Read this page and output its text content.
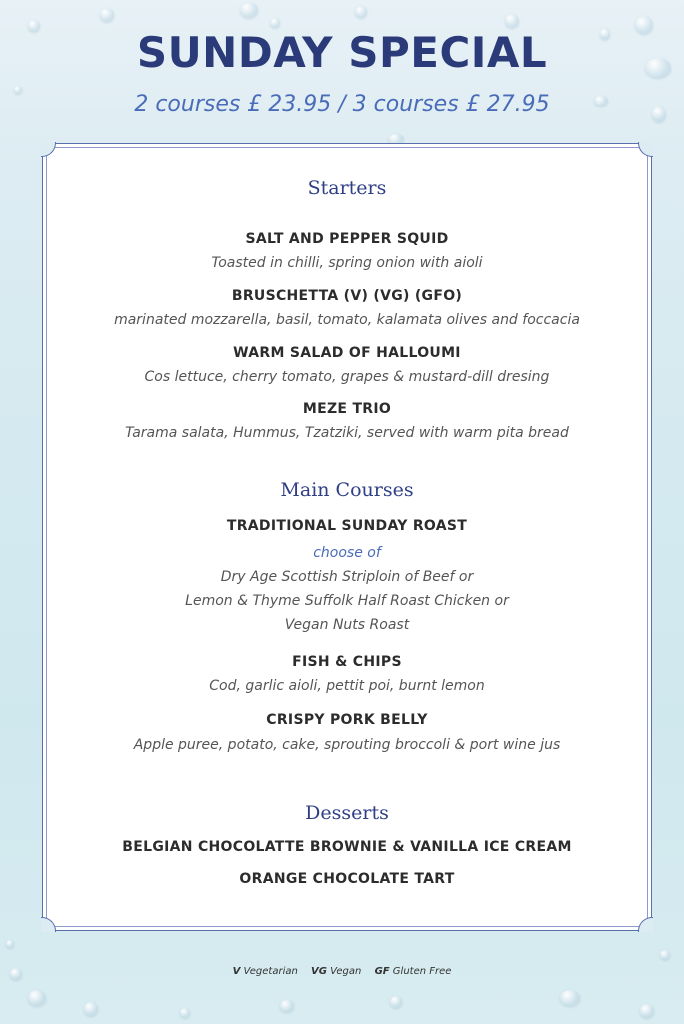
SUNDAY SPECIAL
2 courses £ 23.95 / 3 courses £ 27.95
Starters
SALT AND PEPPER SQUID
Toasted in chilli, spring onion with aioli
BRUSCHETTA (V) (VG) (GFO)
marinated mozzarella, basil, tomato, kalamata olives and foccacia
WARM SALAD OF HALLOUMI
Cos lettuce, cherry tomato, grapes & mustard-dill dresing
MEZE TRIO
Tarama salata, Hummus, Tzatziki, served with warm pita bread
Main Courses
TRADITIONAL SUNDAY ROAST
choose of
Dry Age Scottish Striploin of Beef or
Lemon & Thyme Suffolk Half Roast Chicken or
Vegan Nuts Roast
FISH & CHIPS
Cod, garlic aioli, pettit poi, burnt lemon
CRISPY PORK BELLY
Apple puree, potato, cake, sprouting broccoli & port wine jus
Desserts
BELGIAN CHOCOLATTE BROWNIE & VANILLA ICE CREAM
ORANGE CHOCOLATE TART
V Vegetarian VG Vegan GF Gluten Free
